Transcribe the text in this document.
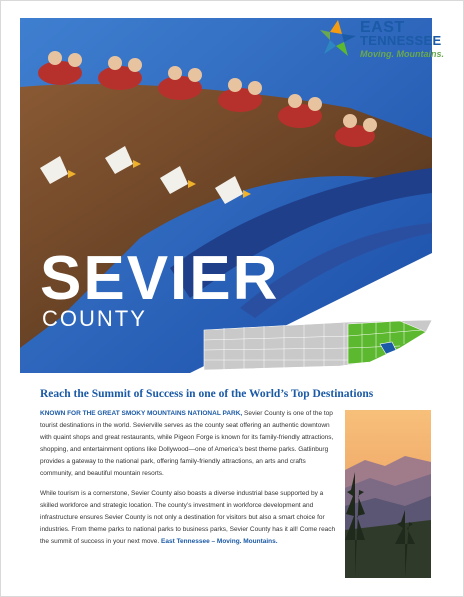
EAST
TENNESSEE
Moving. Mountains.
SEVIER
COUNTY
Reach the Summit of Success in one of the World’s Top Destinations

KNOWN FOR THE GREAT SMOKY MOUNTAINS NATIONAL PARK, Sevier County is one of the top tourist destinations in the world. Sevierville serves as the county seat offering an authentic downtown with quaint shops and great restaurants, while Pigeon Forge is known for its family-friendly attractions, shopping, and entertainment options like Dollywood—one of America’s best theme parks. Gatlinburg provides a gateway to the national park, offering family-friendly attractions, an arts and crafts community, and beautiful mountain resorts.

While tourism is a cornerstone, Sevier County also boasts a diverse industrial base supported by a skilled workforce and strategic location. The county’s investment in workforce development and infrastructure ensures Sevier County is not only a destination for visitors but also a smart choice for industries. From theme parks to national parks to business parks, Sevier County has it all! Come reach the summit of success in your next move. East Tennessee – Moving. Mountains.
